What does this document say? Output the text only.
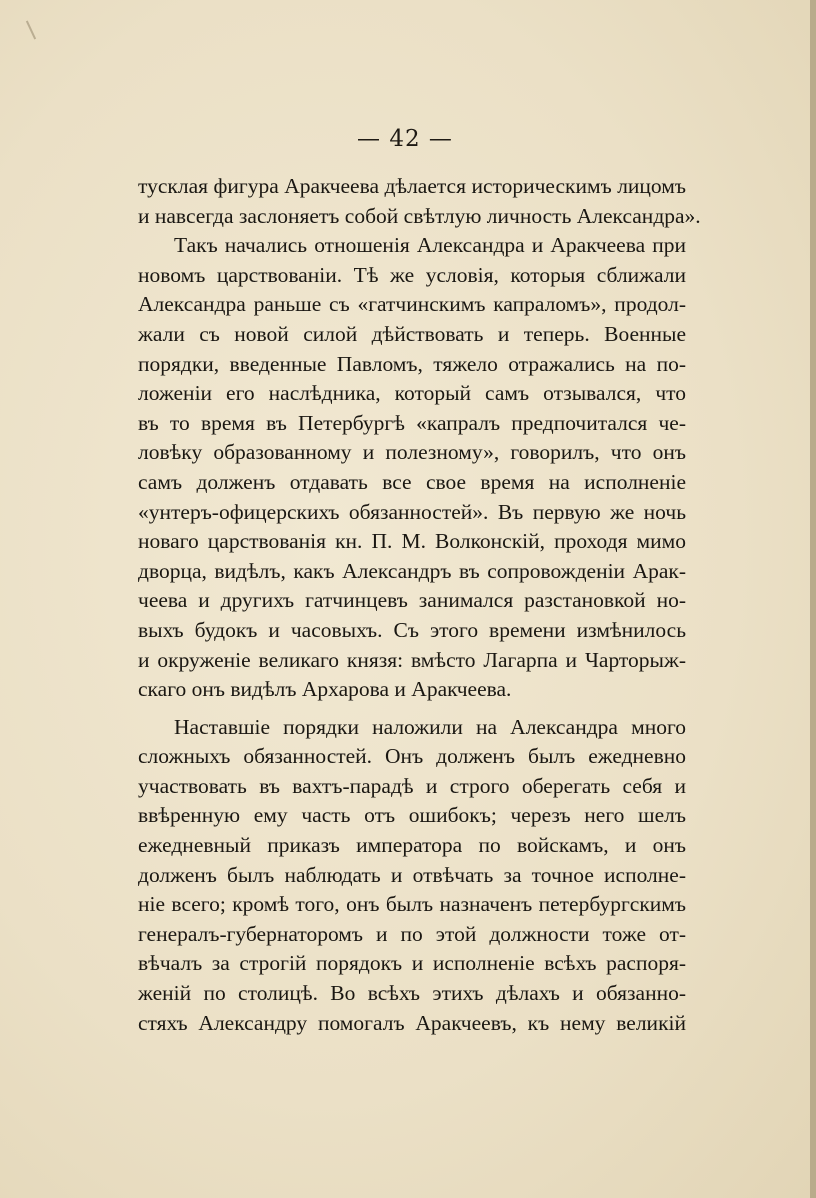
— 42 —
тусклая фигура Аракчеева дѣлается историческимъ лицомъ
и навсегда заслоняетъ собой свѣтлую личность Александра».
Такъ начались отношенія Александра и Аракчеева при
новомъ царствованіи. Тѣ же условія, которыя сближали
Александра раньше съ «гатчинскимъ капраломъ», продол-
жали съ новой силой дѣйствовать и теперь. Военные
порядки, введенные Павломъ, тяжело отражались на по-
ложеніи его наслѣдника, который самъ отзывался, что
въ то время въ Петербургѣ «капралъ предпочитался че-
ловѣку образованному и полезному», говорилъ, что онъ
самъ долженъ отдавать все свое время на исполненіе
«унтеръ-офицерскихъ обязанностей». Въ первую же ночь
новаго царствованія кн. П. М. Волконскій, проходя мимо
дворца, видѣлъ, какъ Александръ въ сопровожденіи Арак-
чеева и другихъ гатчинцевъ занимался разстановкой но-
выхъ будокъ и часовыхъ. Съ этого времени измѣнилось
и окруженіе великаго князя: вмѣсто Лагарпа и Чарторыж-
скаго онъ видѣлъ Архарова и Аракчеева.
Наставшіе порядки наложили на Александра много
сложныхъ обязанностей. Онъ долженъ былъ ежедневно
участвовать въ вахтъ-парадѣ и строго оберегать себя и
ввѣренную ему часть отъ ошибокъ; черезъ него шелъ
ежедневный приказъ императора по войскамъ, и онъ
долженъ былъ наблюдать и отвѣчать за точное исполне-
ніе всего; кромѣ того, онъ былъ назначенъ петербургскимъ
генералъ-губернаторомъ и по этой должности тоже от-
вѣчалъ за строгій порядокъ и исполненіе всѣхъ распоря-
женій по столицѣ. Во всѣхъ этихъ дѣлахъ и обязанно-
стяхъ Александру помогалъ Аракчеевъ, къ нему великій
